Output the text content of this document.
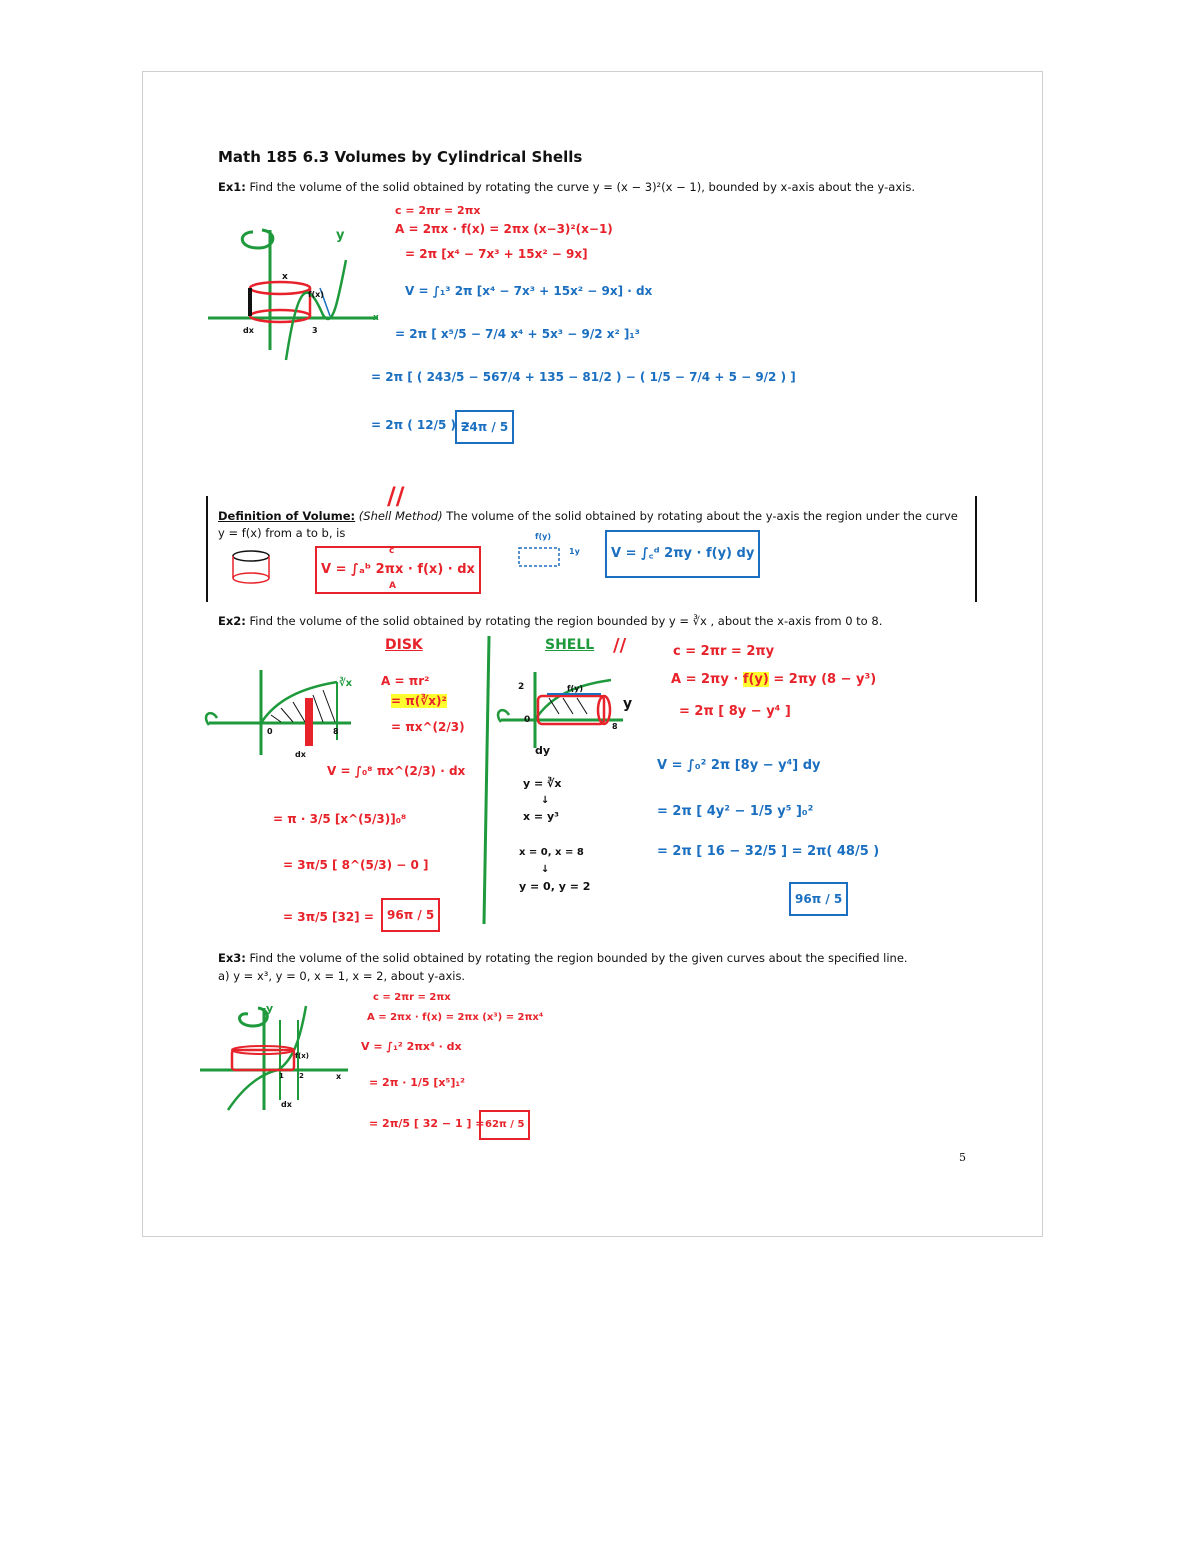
Math 185 6.3 Volumes by Cylindrical Shells
Ex1: Find the volume of the solid obtained by rotating the curve y = (x − 3)²(x − 1), bounded by x-axis about the y-axis.
y
x
x
f(x)
dx	3
c = 2πr = 2πx
A = 2πx · f(x) = 2πx (x−3)²(x−1)
= 2π [x⁴ − 7x³ + 15x² − 9x]
V = ∫₁³ 2π [x⁴ − 7x³ + 15x² − 9x] · dx
= 2π [ x⁵/5 − 7/4 x⁴ + 5x³ − 9/2 x² ]₁³
= 2π [ ( 243/5 − 567/4 + 135 − 81/2 ) − ( 1/5 − 7/4 + 5 − 9/2 ) ]
= 2π ( 12/5 ) =
24π / 5
//
Definition of Volume: (Shell Method) The volume of the solid obtained by rotating about the y-axis the region under the curve y = f(x) from a to b, is
V = ∫ₐᵇ 2πx · f(x) · dx
c
A
f(y)
1y	V = ∫꜀ᵈ 2πy · f(y) dy
Ex2: Find the volume of the solid obtained by rotating the region bounded by y = ∛x , about the x-axis from 0 to 8.
DISK
∛x
0	8
dx
A = πr²
= π(∛x)²
= πx^(2/3)
V = ∫₀⁸ πx^(2/3) · dx
= π · 3/5 [x^(5/3)]₀⁸
= 3π/5 [ 8^(5/3) − 0 ]
= 3π/5 [32] =	96π / 5
SHELL //
2
0
8
y
f(y)
dy
y = ∛x
↓
x = y³
x = 0, x = 8
↓
y = 0, y = 2
c = 2πr = 2πy
A = 2πy · f(y) = 2πy (8 − y³)
= 2π [ 8y − y⁴ ]
V = ∫₀² 2π [8y − y⁴] dy
= 2π [ 4y² − 1/5 y⁵ ]₀²
= 2π [ 16 − 32/5 ] = 2π( 48/5 )
96π / 5
Ex3: Find the volume of the solid obtained by rotating the region bounded by the given curves about the specified line.
a) y = x³, y = 0, x = 1, x = 2, about y-axis.
y
x
f(x)
1 2
dx
c = 2πr = 2πx
A = 2πx · f(x) = 2πx (x³) = 2πx⁴
V = ∫₁² 2πx⁴ · dx
= 2π · 1/5 [x⁵]₁²
= 2π/5 [ 32 − 1 ] = 62π / 5
5
